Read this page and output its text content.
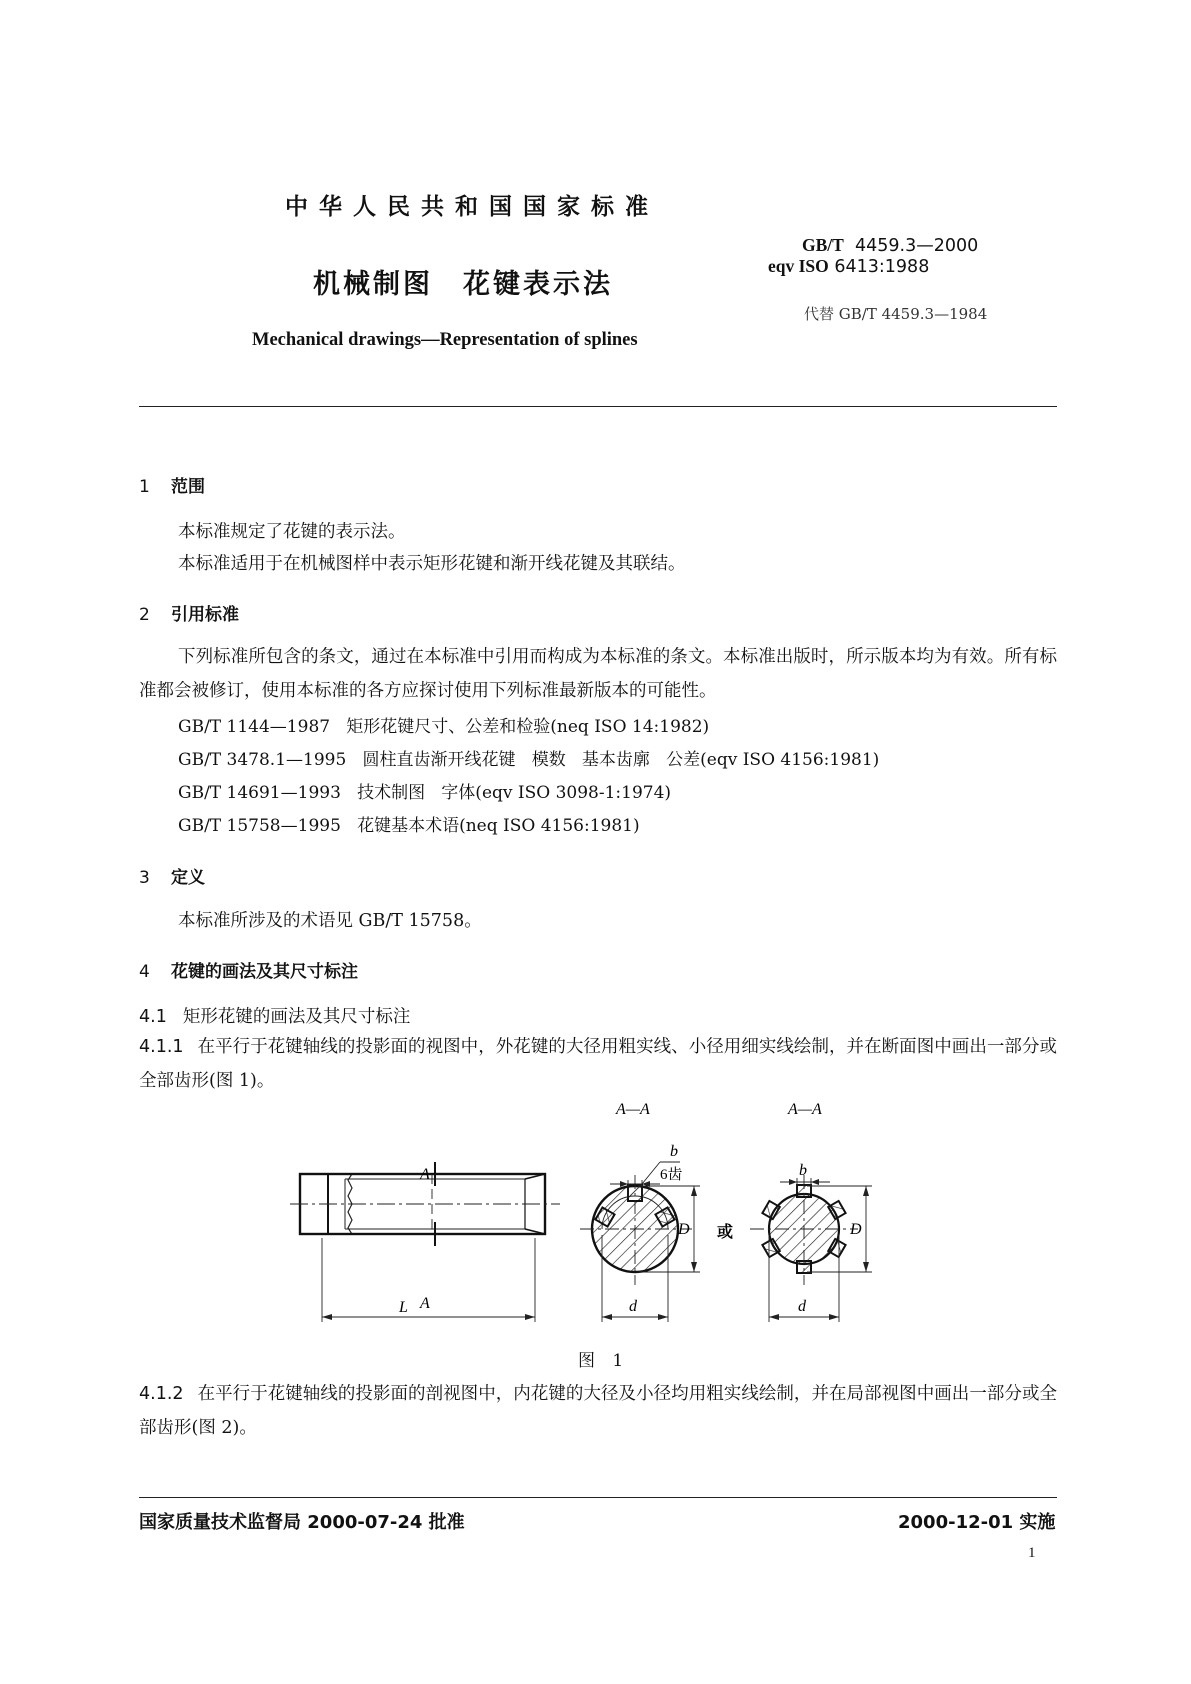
中华人民共和国国家标准
机械制图 花键表示法
Mechanical drawings—Representation of splines
GB/T 4459.3—2000
eqv ISO 6413:1988
代替 GB/T 4459.3—1984
1 范围
本标准规定了花键的表示法。
本标准适用于在机械图样中表示矩形花键和渐开线花键及其联结。
2 引用标准
下列标准所包含的条文，通过在本标准中引用而构成为本标准的条文。本标准出版时，所示版本均为有效。所有标准都会被修订，使用本标准的各方应探讨使用下列标准最新版本的可能性。
GB/T 1144—1987   矩形花键尺寸、公差和检验(neq ISO 14:1982)
GB/T 3478.1—1995   圆柱直齿渐开线花键   模数   基本齿廓   公差(eqv ISO 4156:1981)
GB/T 14691—1993   技术制图   字体(eqv ISO 3098-1:1974)
GB/T 15758—1995   花键基本术语(neq ISO 4156:1981)
3 定义
本标准所涉及的术语见 GB/T 15758。
4 花键的画法及其尺寸标注
4.1 矩形花键的画法及其尺寸标注
4.1.1 在平行于花键轴线的投影面的视图中，外花键的大径用粗实线、小径用细实线绘制，并在断面图中画出一部分或全部齿形(图 1)。
A
A
L
A—A
b
6齿
D
d
或
A—A
b
D
d
图 1
4.1.2 在平行于花键轴线的投影面的剖视图中，内花键的大径及小径均用粗实线绘制，并在局部视图中画出一部分或全部齿形(图 2)。
国家质量技术监督局 2000-07-24 批准	2000-12-01 实施
1
